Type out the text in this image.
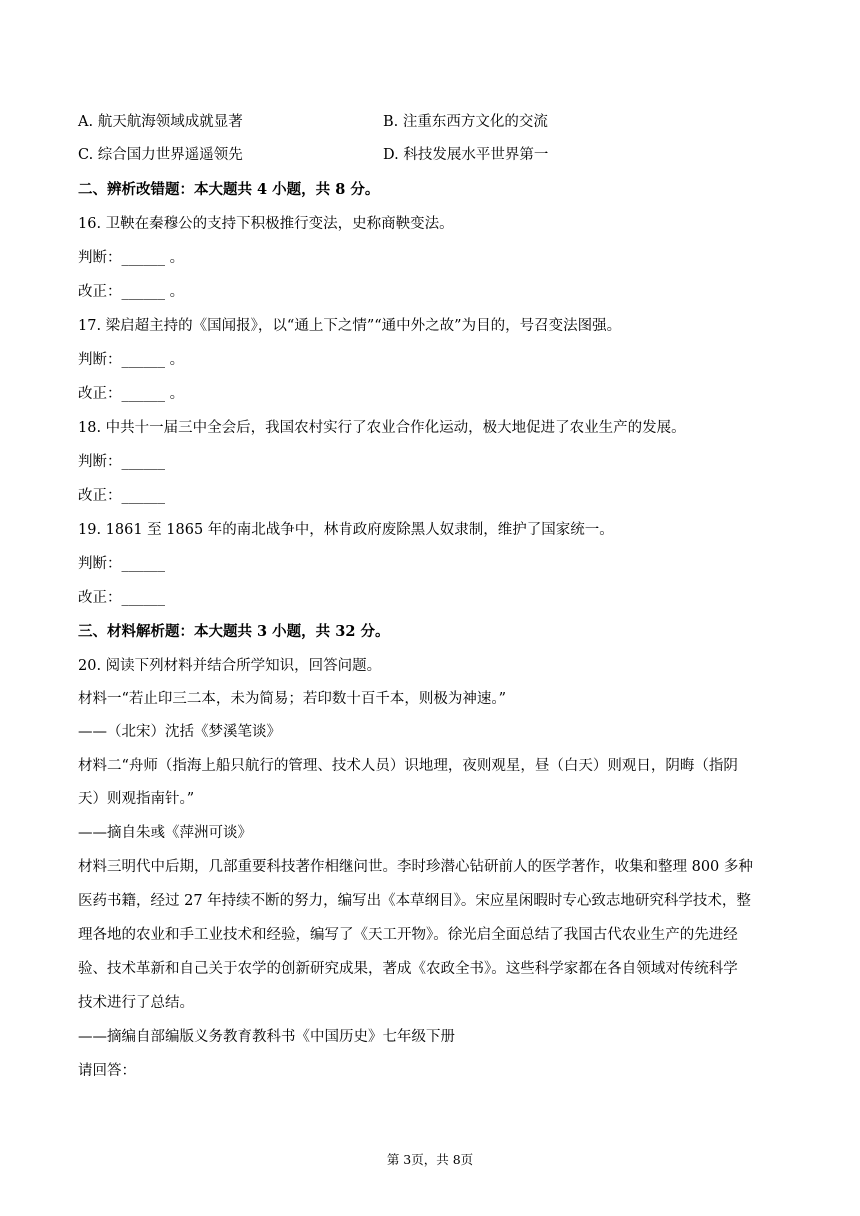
A. 航天航海领域成就显著	B. 注重东西方文化的交流
C. 综合国力世界遥遥领先	D. 科技发展水平世界第一
二、辨析改错题：本大题共 4 小题，共 8 分。
16. 卫鞅在秦穆公的支持下积极推行变法，史称商鞅变法。
判断：______ 。
改正：______ 。
17. 梁启超主持的《国闻报》，以“通上下之情”“通中外之故”为目的，号召变法图强。
判断：______ 。
改正：______ 。
18. 中共十一届三中全会后，我国农村实行了农业合作化运动，极大地促进了农业生产的发展。
判断：______
改正：______
19. 1861 至 1865 年的南北战争中，林肯政府废除黑人奴隶制，维护了国家统一。
判断：______
改正：______
三、材料解析题：本大题共 3 小题，共 32 分。
20. 阅读下列材料并结合所学知识，回答问题。
材料一“若止印三二本，未为简易；若印数十百千本，则极为神速。”
——（北宋）沈括《梦溪笔谈》
材料二“舟师（指海上船只航行的管理、技术人员）识地理，夜则观星，昼（白天）则观日，阴晦（指阴
天）则观指南针。”
——摘自朱彧《萍洲可谈》
材料三明代中后期，几部重要科技著作相继问世。李时珍潜心钻研前人的医学著作，收集和整理 800 多种
医药书籍，经过 27 年持续不断的努力，编写出《本草纲目》。宋应星闲暇时专心致志地研究科学技术，整
理各地的农业和手工业技术和经验，编写了《天工开物》。徐光启全面总结了我国古代农业生产的先进经
验、技术革新和自己关于农学的创新研究成果，著成《农政全书》。这些科学家都在各自领域对传统科学
技术进行了总结。
——摘编自部编版义务教育教科书《中国历史》七年级下册
请回答：
第 3页，共 8页
